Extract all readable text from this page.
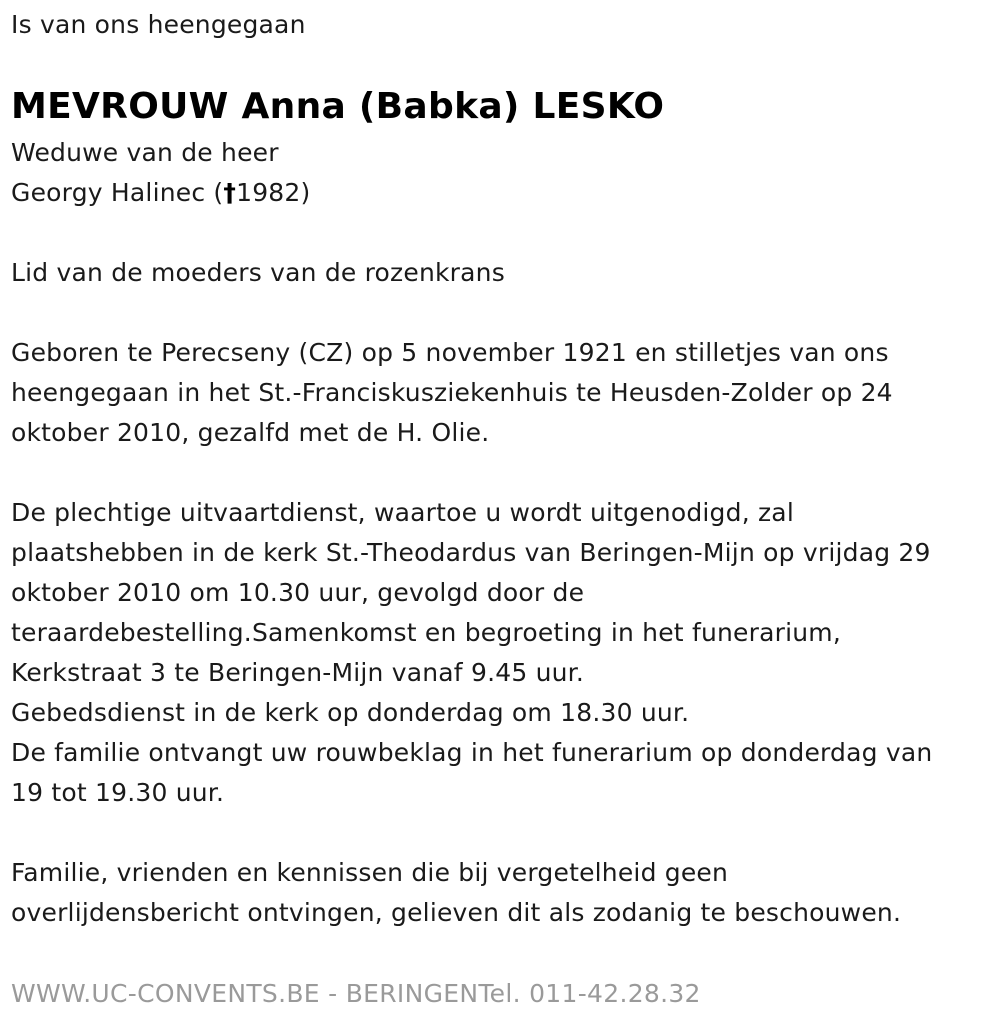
Is van ons heengegaan
MEVROUW Anna (Babka) LESKO
Weduwe van de heer
Georgy Halinec (†1982)
Lid van de moeders van de rozenkrans
Geboren te Perecseny (CZ) op 5 november 1921 en stilletjes van ons
heengegaan in het St.-Franciskusziekenhuis te Heusden-Zolder op 24
oktober 2010, gezalfd met de H. Olie.
De plechtige uitvaartdienst, waartoe u wordt uitgenodigd, zal
plaatshebben in de kerk St.-Theodardus van Beringen-Mijn op vrijdag 29
oktober 2010 om 10.30 uur, gevolgd door de
teraardebestelling.Samenkomst en begroeting in het funerarium,
Kerkstraat 3 te Beringen-Mijn vanaf 9.45 uur.
Gebedsdienst in de kerk op donderdag om 18.30 uur.
De familie ontvangt uw rouwbeklag in het funerarium op donderdag van
19 tot 19.30 uur.
Familie, vrienden en kennissen die bij vergetelheid geen
overlijdensbericht ontvingen, gelieven dit als zodanig te beschouwen.
WWW.UC-CONVENTS.BE - BERINGENTel. 011-42.28.32
